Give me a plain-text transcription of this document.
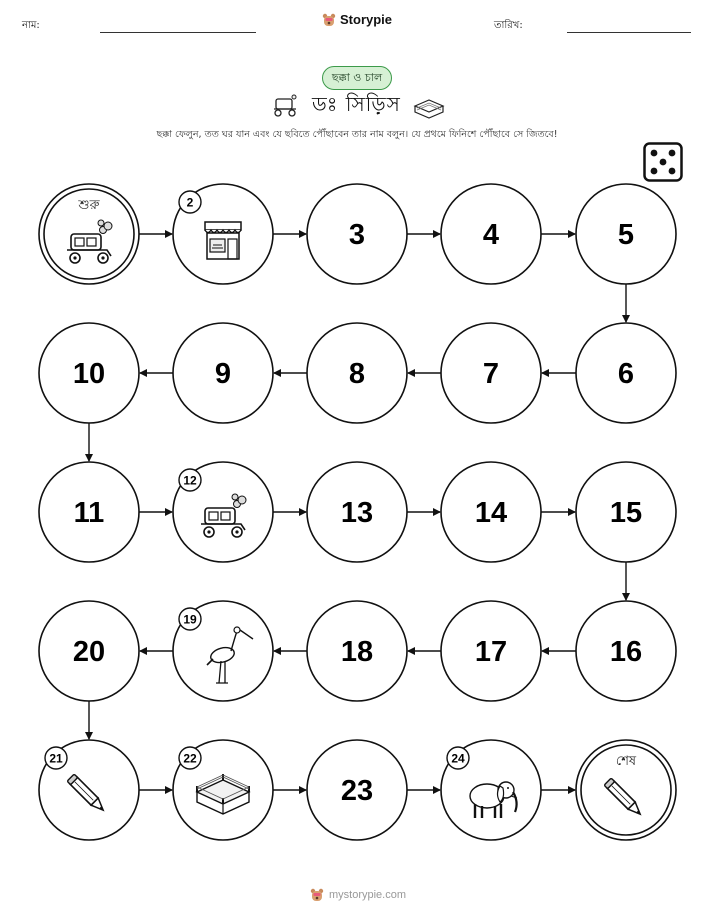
নাম:	Storypie	তারিখ:
ছক্কা ও চাল
ডঃ সিড়ি়স
ছক্কা ফেলুন, তত ঘর যান এবং যে ছবিতে পৌঁছাবেন তার নাম বলুন। যে প্রথমে ফিনিশে পৌঁছাবে সে জিতবে!
শুরু	2
3	4	5
6
7
8
9
10
11
12
13	14	15
16
17
18
19
20
21	22
23
24	শেষ
mystorypie.com
